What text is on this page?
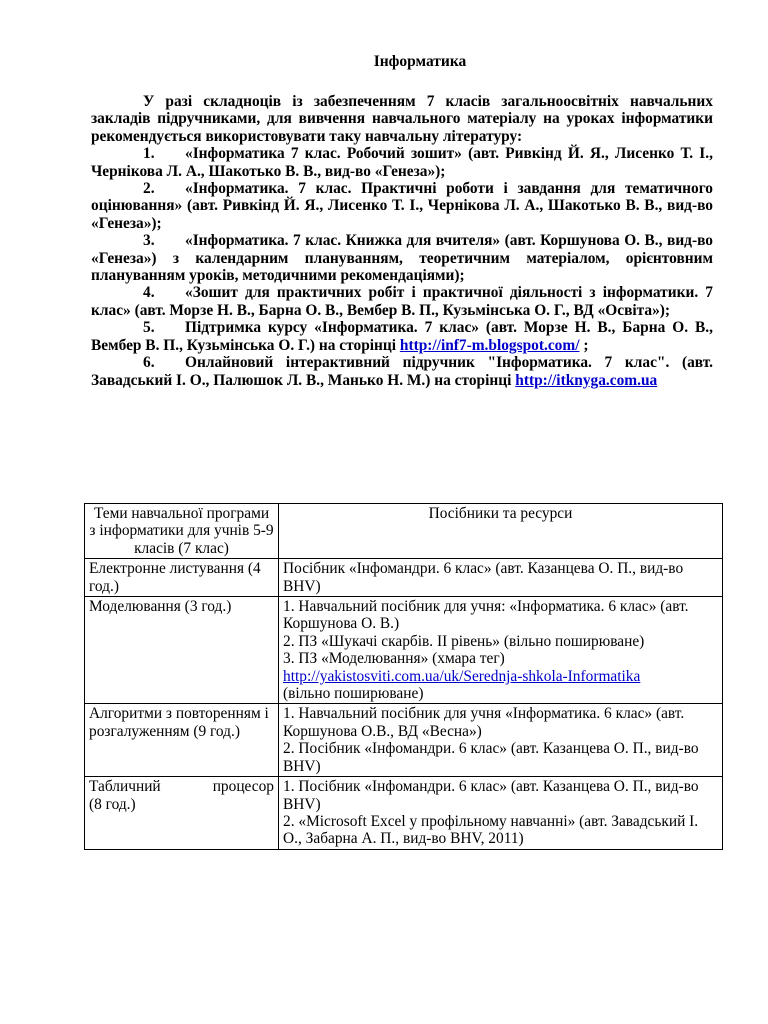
Інформатика

У разі складноців із забезпеченням 7 класів загальноосвітніх навчальних закладів підручниками, для вивчення навчального матеріалу на уроках інформатики рекомендується використовувати таку навчальну літературу:

1. «Інформатика 7 клас. Робочий зошит» (авт. Ривкінд Й. Я., Лисенко Т. І., Чернікова Л. А., Шакотько В. В., вид-во «Генеза»);

2. «Інформатика. 7 клас. Практичні роботи і завдання для тематичного оцінювання» (авт. Ривкінд Й. Я., Лисенко Т. І., Чернікова Л. А., Шакотько В. В., вид-во «Генеза»);

3. «Інформатика. 7 клас. Книжка для вчителя» (авт. Коршунова О. В., вид-во «Генеза») з календарним плануванням, теоретичним матеріалом, орієнтовним плануванням уроків, методичними рекомендаціями);

4. «Зошит для практичних робіт і практичної діяльності з інформатики. 7 клас» (авт. Морзе Н. В., Барна О. В., Вембер В. П., Кузьмінська О. Г., ВД «Освіта»);

5. Підтримка курсу «Інформатика. 7 клас» (авт. Морзе Н. В., Барна О. В., Вембер В. П., Кузьмінська О. Г.) на сторінці http://inf7-m.blogspot.com/ ;

6. Онлайновий інтерактивний підручник "Інформатика. 7 клас". (авт. Завадський І. О., Палюшок Л. В., Манько Н. М.) на сторінці http://itknyga.com.ua

Теми навчальної програми з інформатики для учнів 5-9 класів (7 клас)	Посібники та ресурси
Електронне листування (4 год.)	Посібник «Інфомандри. 6 клас» (авт. Казанцева О. П., вид-во BHV)

Моделювання (3 год.)	1. Навчальний посібник для учня: «Інформатика. 6 клас» (авт. Коршунова О. В.)
2. ПЗ «Шукачі скарбів. ІІ рівень» (вільно поширюване)
3. ПЗ «Моделювання» (хмара тег)
http://yakistosviti.com.ua/uk/Serednja-shkola-Informatika
(вільно поширюване)

Алгоритми з повторенням і розгалуженням (9 год.)	1. Навчальний посібник для учня «Інформатика. 6 клас» (авт. Коршунова О.В., ВД «Весна»)
2. Посібник «Інфомандри. 6 клас» (авт. Казанцева О. П., вид-во BHV)

Табличний процесор
(8 год.)	1. Посібник «Інфомандри. 6 клас» (авт. Казанцева О. П., вид-во BHV)
2. «Microsoft Excel у профільному навчанні» (авт. Завадський І. О., Забарна А. П., вид-во BHV, 2011)
